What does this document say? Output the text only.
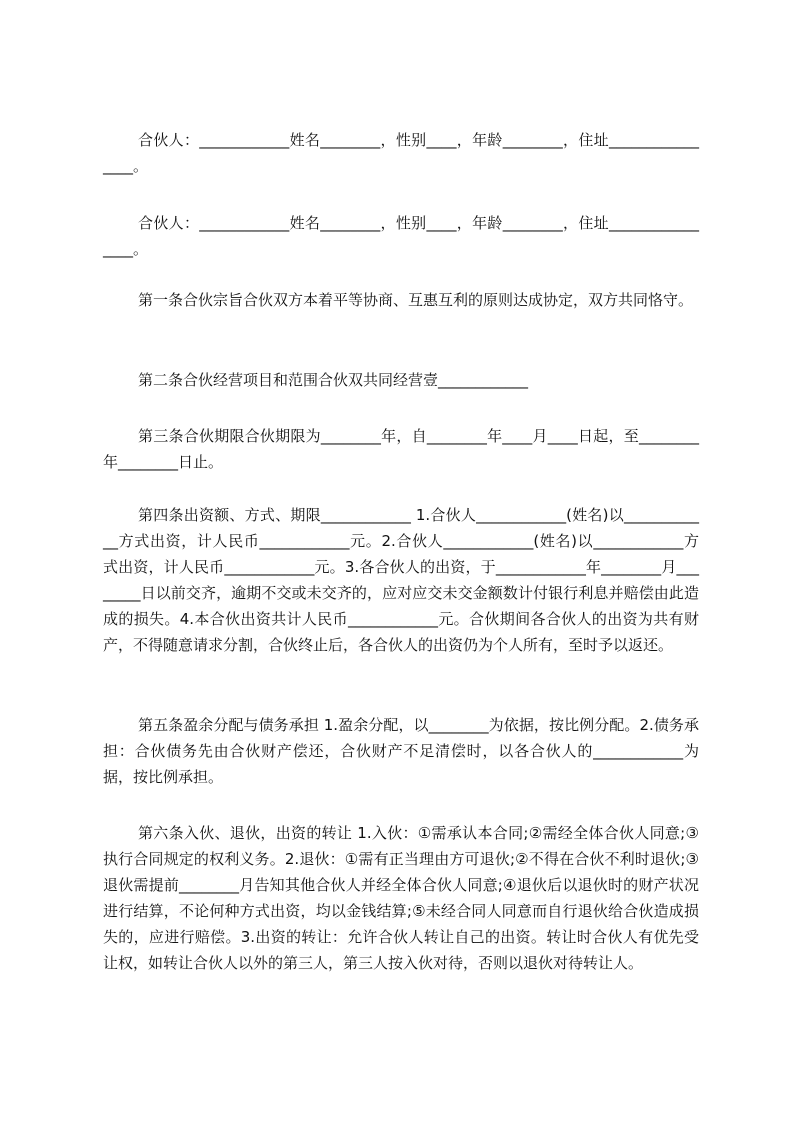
合伙人：____________姓名________，性别____，年龄________，住址________________。

合伙人：____________姓名________，性别____，年龄________，住址________________。

第一条合伙宗旨合伙双方本着平等协商、互惠互利的原则达成协定，双方共同恪守。

第二条合伙经营项目和范围合伙双共同经营壹____________

第三条合伙期限合伙期限为________年，自________年____月____日起，至________年________日止。

第四条出资额、方式、期限____________ 1.合伙人____________(姓名)以____________方式出资，计人民币____________元。2.合伙人____________(姓名)以____________方式出资，计人民币____________元。3.各合伙人的出资，于____________年________月________日以前交齐，逾期不交或未交齐的，应对应交未交金额数计付银行利息并赔偿由此造成的损失。4.本合伙出资共计人民币____________元。合伙期间各合伙人的出资为共有财产，不得随意请求分割，合伙终止后，各合伙人的出资仍为个人所有，至时予以返还。

第五条盈余分配与债务承担 1.盈余分配，以________为依据，按比例分配。2.债务承担：合伙债务先由合伙财产偿还，合伙财产不足清偿时，以各合伙人的____________为据，按比例承担。

第六条入伙、退伙，出资的转让 1.入伙：①需承认本合同;②需经全体合伙人同意;③执行合同规定的权利义务。2.退伙：①需有正当理由方可退伙;②不得在合伙不利时退伙;③退伙需提前________月告知其他合伙人并经全体合伙人同意;④退伙后以退伙时的财产状况进行结算，不论何种方式出资，均以金钱结算;⑤未经合同人同意而自行退伙给合伙造成损失的，应进行赔偿。3.出资的转让：允许合伙人转让自己的出资。转让时合伙人有优先受让权，如转让合伙人以外的第三人，第三人按入伙对待，否则以退伙对待转让人。
